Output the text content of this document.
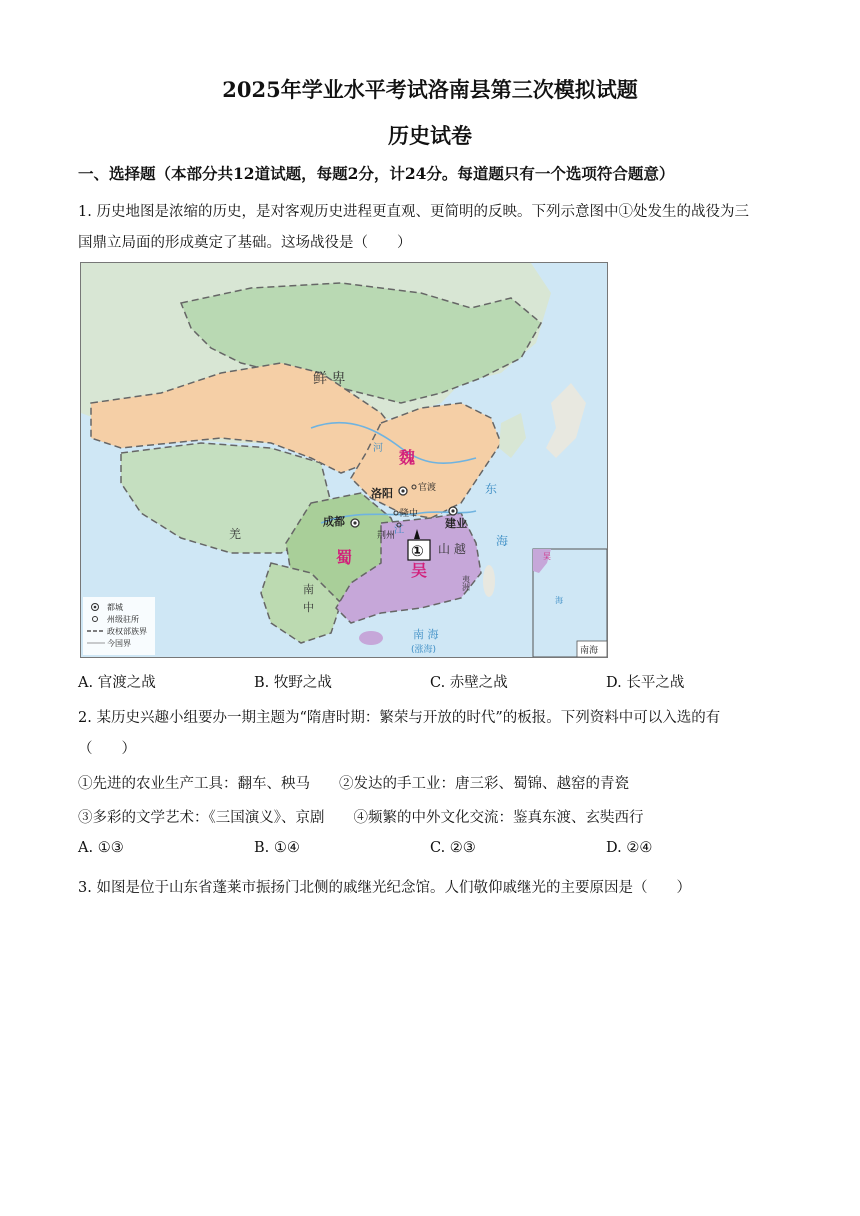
2025年学业水平考试洛南县第三次模拟试题
历史试卷
一、选择题（本部分共12道试题，每题2分，计24分。每道题只有一个选项符合题意）
1. 历史地图是浓缩的历史，是对客观历史进程更直观、更简明的反映。下列示意图中①处发生的战役为三
国鼎立局面的形成奠定了基础。这场战役是（　　）
鲜 卑
魏
蜀
吴
山 越
南
中
羌
夷洲
东
海
南 海
(涨海)
河
江
洛阳
成都	建业
官渡
隆中
荆州
①
都城
州级驻所
政权部族界
今国界
吴
海
南海
A. 官渡之战	B. 牧野之战	C. 赤壁之战	D. 长平之战
2. 某历史兴趣小组要办一期主题为“隋唐时期：繁荣与开放的时代”的板报。下列资料中可以入选的有
（　　）
①先进的农业生产工具：翻车、秧马　　②发达的手工业：唐三彩、蜀锦、越窑的青瓷
③多彩的文学艺术：《三国演义》、京剧　　④频繁的中外文化交流：鉴真东渡、玄奘西行
A. ①③	B. ①④	C. ②③	D. ②④
3. 如图是位于山东省蓬莱市振扬门北侧的戚继光纪念馆。人们敬仰戚继光的主要原因是（　　）
